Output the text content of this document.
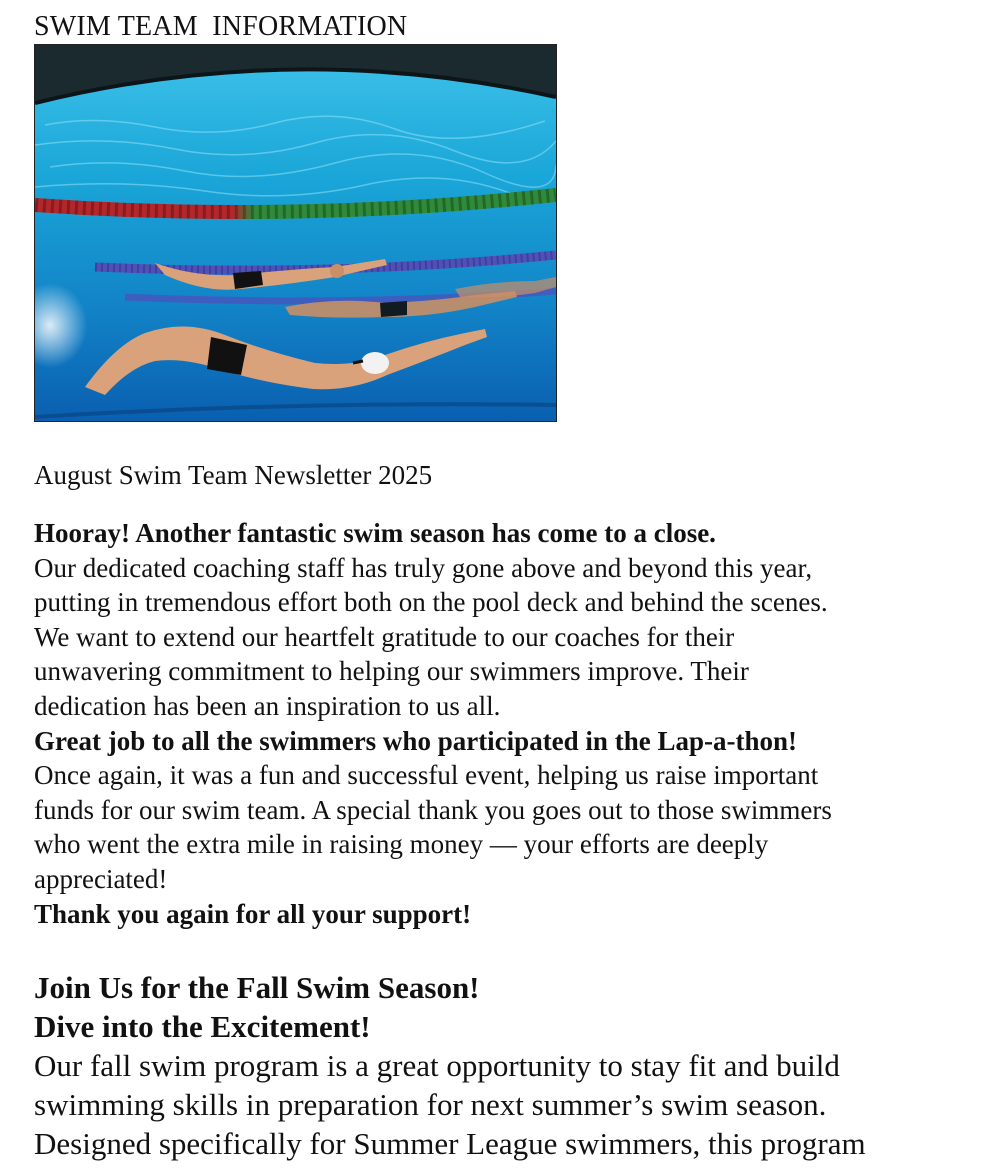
SWIM TEAM  INFORMATION
August Swim Team Newsletter 2025

Hooray! Another fantastic swim season has come to a close.

Our dedicated coaching staff has truly gone above and beyond this year,
putting in tremendous effort both on the pool deck and behind the scenes.
We want to extend our heartfelt gratitude to our coaches for their
unwavering commitment to helping our swimmers improve. Their
dedication has been an inspiration to us all.

Great job to all the swimmers who participated in the Lap-a-thon!

Once again, it was a fun and successful event, helping us raise important
funds for our swim team. A special thank you goes out to those swimmers
who went the extra mile in raising money — your efforts are deeply
appreciated!

Thank you again for all your support!

Join Us for the Fall Swim Season!

Dive into the Excitement!

Our fall swim program is a great opportunity to stay fit and build
swimming skills in preparation for next summer’s swim season.
Designed specifically for Summer League swimmers, this program
